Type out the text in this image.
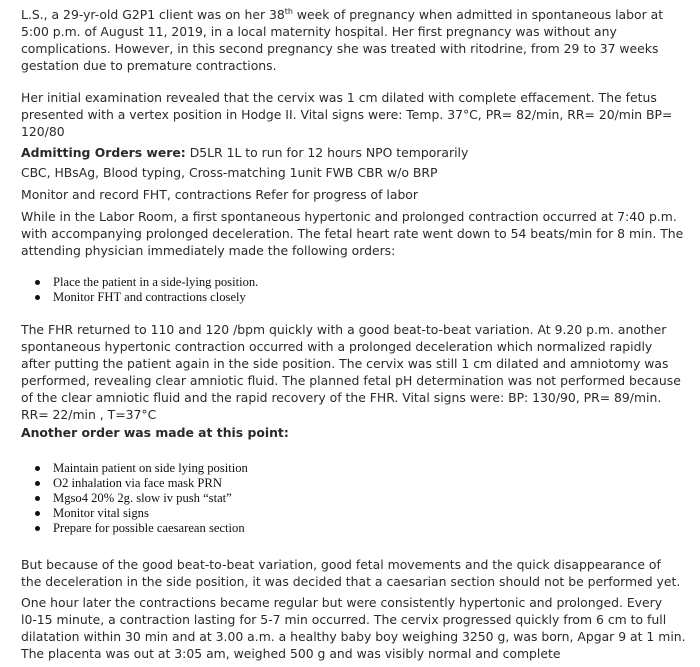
L.S., a 29-yr-old G2P1 client was on her 38th week of pregnancy when admitted in spontaneous labor at
5:00 p.m. of August 11, 2019, in a local maternity hospital. Her first pregnancy was without any
complications. However, in this second pregnancy she was treated with ritodrine, from 29 to 37 weeks
gestation due to premature contractions.
Her initial examination revealed that the cervix was 1 cm dilated with complete effacement. The fetus
presented with a vertex position in Hodge II. Vital signs were: Temp. 37°C, PR= 82/min, RR= 20/min BP=
120/80
Admitting Orders were: D5LR 1L to run for 12 hours NPO temporarily
CBC, HBsAg, Blood typing, Cross-matching 1unit FWB CBR w/o BRP
Monitor and record FHT, contractions Refer for progress of labor
While in the Labor Room, a first spontaneous hypertonic and prolonged contraction occurred at 7:40 p.m.
with accompanying prolonged deceleration. The fetal heart rate went down to 54 beats/min for 8 min. The
attending physician immediately made the following orders:
Place the patient in a side-lying position.
Monitor FHT and contractions closely
The FHR returned to 110 and 120 /bpm quickly with a good beat-to-beat variation. At 9.20 p.m. another
spontaneous hypertonic contraction occurred with a prolonged deceleration which normalized rapidly
after putting the patient again in the side position. The cervix was still 1 cm dilated and amniotomy was
performed, revealing clear amniotic fluid. The planned fetal pH determination was not performed because
of the clear amniotic fluid and the rapid recovery of the FHR. Vital signs were: BP: 130/90, PR= 89/min.
RR= 22/min , T=37°C
Another order was made at this point:
Maintain patient on side lying position
O2 inhalation via face mask PRN
Mgso4 20% 2g. slow iv push “stat”
Monitor vital signs
Prepare for possible caesarean section
But because of the good beat-to-beat variation, good fetal movements and the quick disappearance of
the deceleration in the side position, it was decided that a caesarian section should not be performed yet.
One hour later the contractions became regular but were consistently hypertonic and prolonged. Every
l0-15 minute, a contraction lasting for 5-7 min occurred. The cervix progressed quickly from 6 cm to full
dilatation within 30 min and at 3.00 a.m. a healthy baby boy weighing 3250 g, was born, Apgar 9 at 1 min.
The placenta was out at 3:05 am, weighed 500 g and was visibly normal and complete
